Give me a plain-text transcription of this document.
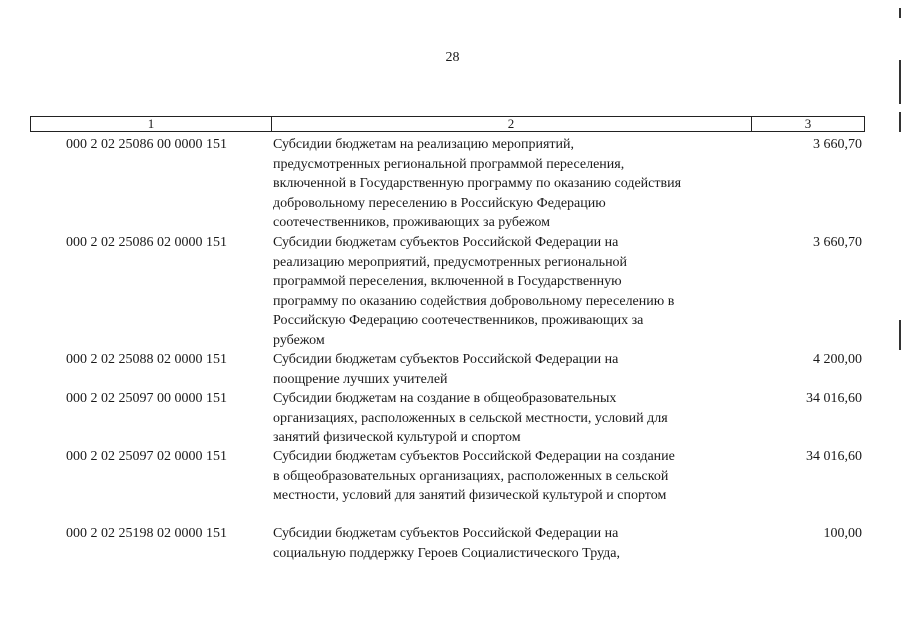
28
1	2	3
000 2 02 25086 00 0000 151	Субсидии бюджетам на реализацию мероприятий,
предусмотренных региональной программой переселения,
включенной в Государственную программу по оказанию содействия
добровольному переселению в Российскую Федерацию
соотечественников, проживающих за рубежом
3 660,70
000 2 02 25086 02 0000 151	Субсидии бюджетам субъектов Российской Федерации на
реализацию мероприятий, предусмотренных региональной
программой переселения, включенной в Государственную
программу по оказанию содействия добровольному переселению в
Российскую Федерацию соотечественников, проживающих за
рубежом
3 660,70
000 2 02 25088 02 0000 151	Субсидии бюджетам субъектов Российской Федерации на
поощрение лучших учителей
4 200,00
000 2 02 25097 00 0000 151	Субсидии бюджетам на создание в общеобразовательных
организациях, расположенных в сельской местности, условий для
занятий физической культурой и спортом
34 016,60
000 2 02 25097 02 0000 151	Субсидии бюджетам субъектов Российской Федерации на создание
в общеобразовательных организациях, расположенных в сельской
местности, условий для занятий физической культурой и спортом
34 016,60
000 2 02 25198 02 0000 151	Субсидии бюджетам субъектов Российской Федерации на
социальную поддержку Героев Социалистического Труда,
100,00
